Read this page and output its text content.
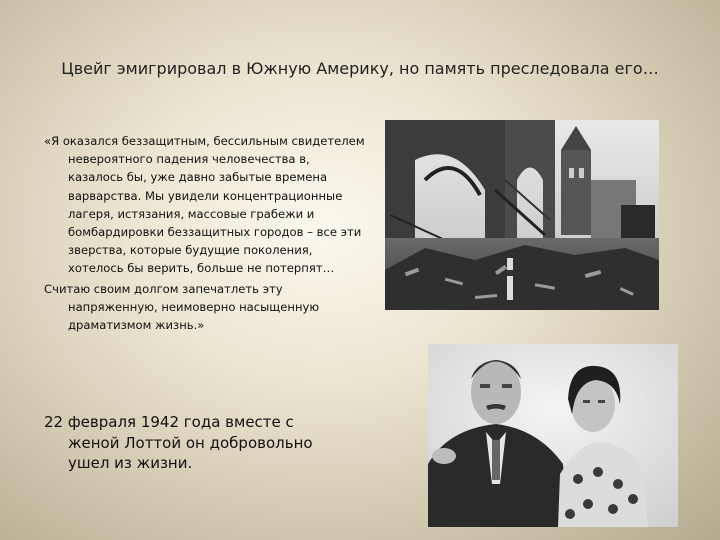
Цвейг эмигрировал в Южную Америку, но память преследовала его…

«Я оказался беззащитным, бессильным свидетелем невероятного падения человечества в, казалось бы, уже давно забытые времена варварства. Мы увидели концентрационные лагеря, истязания, массовые грабежи и бомбардировки беззащитных городов – все эти зверства, которые будущие поколения, хотелось бы верить, больше не потерпят…

Считаю своим долгом запечатлеть эту напряженную, неимоверно насыщенную драматизмом жизнь.»

22 февраля 1942 года вместе с женой Лоттой он добровольно ушел из жизни.
